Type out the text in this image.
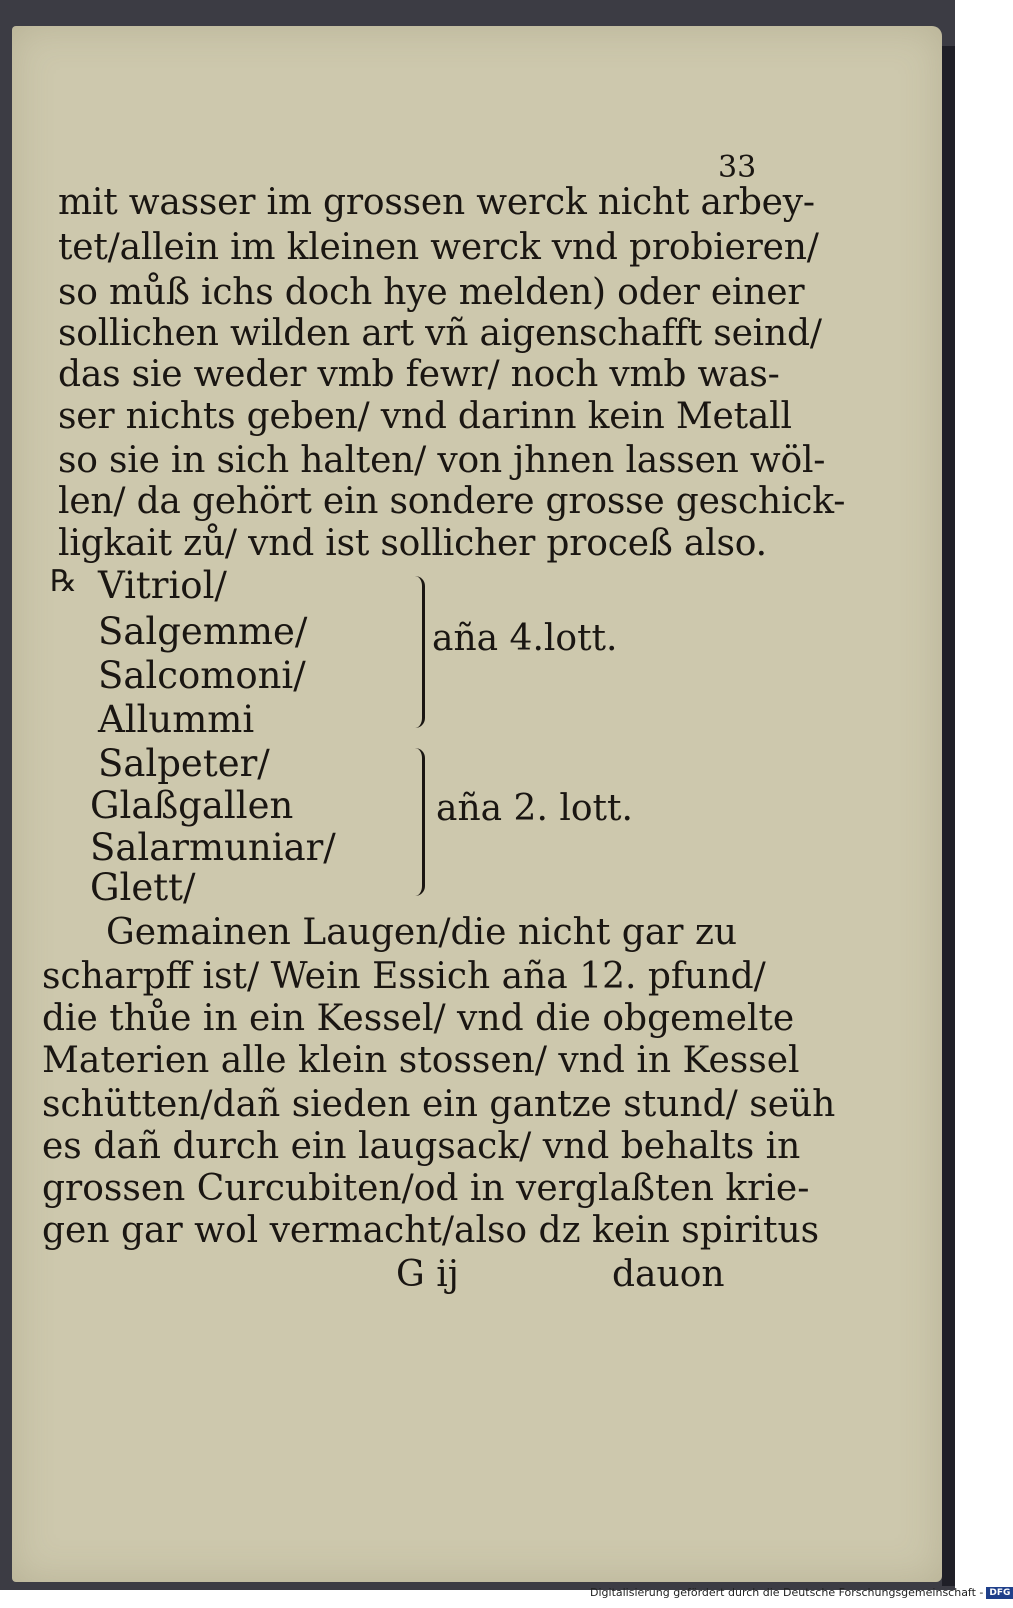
33
mit wasser im grossen werck nicht arbey-
tet/allein im kleinen werck vnd probieren/
so můß ichs doch hye melden) oder einer
sollichen wilden art vñ aigenschafft seind/
das sie weder vmb fewr/ noch vmb was-
ser nichts geben/ vnd darinn kein Metall
so sie in sich halten/ von jhnen lassen wöl-
len/ da gehört ein sondere grosse geschick-
ligkait zů/ vnd ist sollicher proceß also.
℞ Vitriol/
Salgemme/
Salcomoni/
Allummi
aña 4.lott.
Salpeter/
Glaßgallen
Salarmuniar/
Glett/
aña 2. lott.
Gemainen Laugen/die nicht gar zu
scharpff ist/ Wein Essich aña 12. pfund/
die thůe in ein Kessel/ vnd die obgemelte
Materien alle klein stossen/ vnd in Kessel
schütten/dañ sieden ein gantze stund/ seüh
es dañ durch ein laugsack/ vnd behalts in
grossen Curcubiten/od in verglaßten krie-
gen gar wol vermacht/also dz kein spiritus
G ij	dauon
Digitalisierung gefördert durch die Deutsche Forschungsgemeinschaft - DFG
